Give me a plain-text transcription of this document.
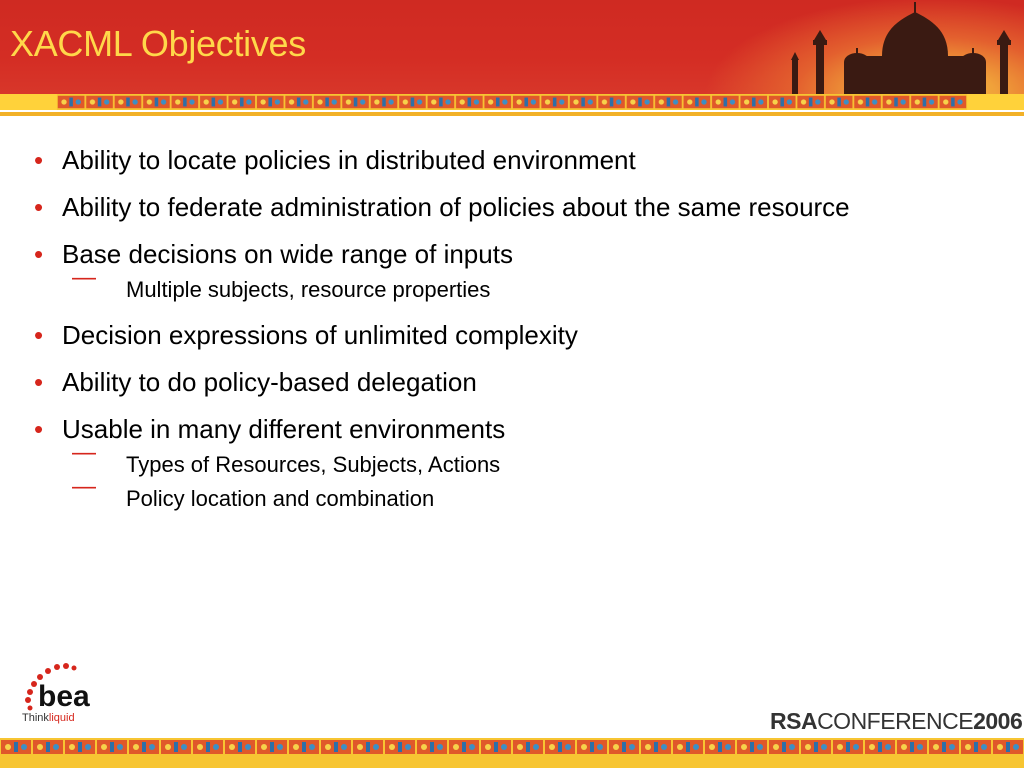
XACML Objectives
• Ability to locate policies in distributed environment
• Ability to federate administration of policies about the same resource
• Base decisions on wide range of inputs
—	Multiple subjects, resource properties
• Decision expressions of unlimited complexity
• Ability to do policy-based delegation
• Usable in many different environments
—	Types of Resources, Subjects, Actions
—	Policy location and combination
bea
Thinkliquid	RSACONFERENCE2006
